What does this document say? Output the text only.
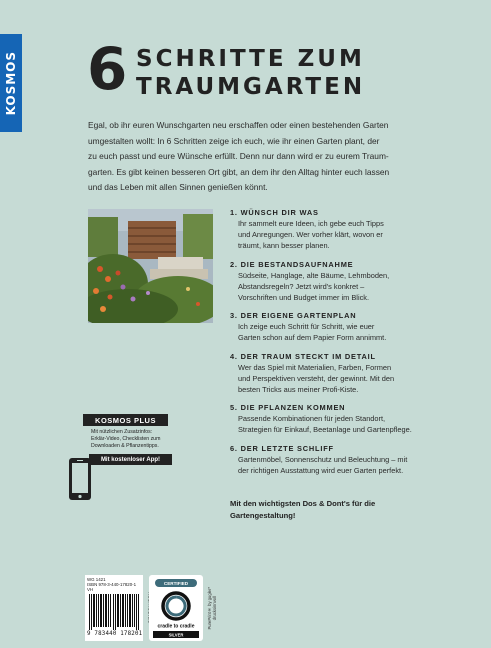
KOSMOS 6 SCHRITTE ZUM
TRAUMGARTEN
Egal, ob ihr euren Wunschgarten neu erschaffen oder einen bestehenden Garten
umgestalten wollt: In 6 Schritten zeige ich euch, wie ihr einen Garten plant, der
zu euch passt und eure Wünsche erfüllt. Denn nur dann wird er zu eurem Traum-
garten. Es gibt keinen besseren Ort gibt, an dem ihr den Alltag hinter euch lassen
und das Leben mit allen Sinnen genießen könnt.
1. WÜNSCH DIR WAS
Ihr sammelt eure Ideen, ich gebe euch Tipps
und Anregungen. Wer vorher klärt, wovon er
träumt, kann besser planen.
2. DIE BESTANDSAUFNAHME
Südseite, Hanglage, alte Bäume, Lehmboden,
Abstandsregeln? Jetzt wird's konkret –
Vorschriften und Budget immer im Blick.
3. DER EIGENE GARTENPLAN
Ich zeige euch Schritt für Schritt, wie euer
Garten schon auf dem Papier Form annimmt.
4. DER TRAUM STECKT IM DETAIL
Wer das Spiel mit Materialien, Farben, Formen
und Perspektiven versteht, der gewinnt. Mit den
besten Tricks aus meiner Profi-Kiste.
5. DIE PFLANZEN KOMMEN
Passende Kombinationen für jeden Standort,
Strategien für Einkauf, Beetanlage und Gartenpflege.
6. DER LETZTE SCHLIFF
Gartenmöbel, Sonnenschutz und Beleuchtung – mit
der richtigen Ausstattung wird euer Garten perfekt.
Mit den wichtigsten Dos & Dont's für die
Gartengestaltung!
KOSMOS PLUS
Mit nützlichen Zusatzinfos:
Erklär-Video, Checklisten zum
Downloaden & Pflanzentipps.
Mit kostenloser App!
WG 1421
ISBN 978-3-440-17820-1
VH
9 783440 178201
CERTIFIED
cradle to cradle
SILVER
PurePrint® by gugler* drucksinnvoll
